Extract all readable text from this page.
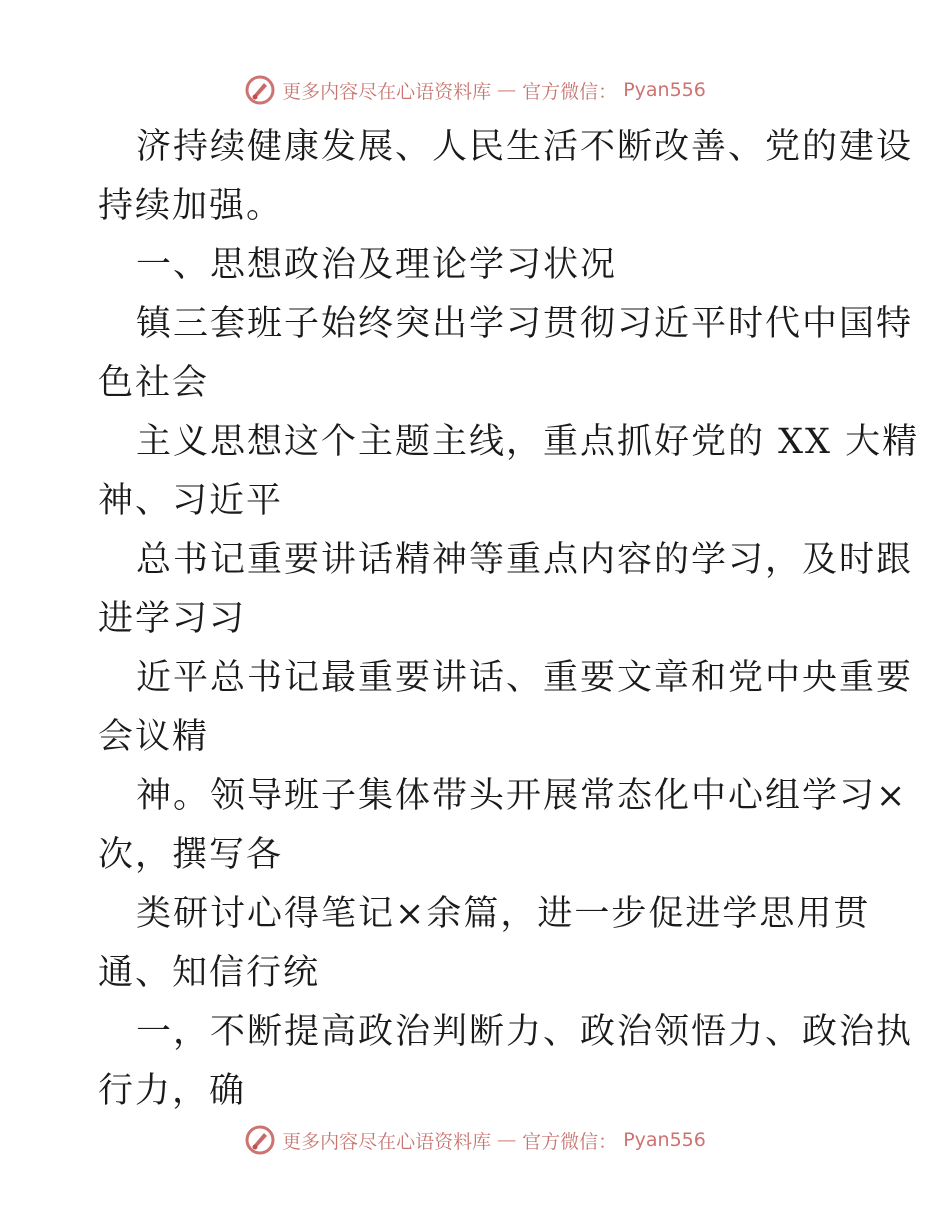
更多内容尽在心语资料库 — 官方微信： Pyan556
济持续健康发展、人民生活不断改善、党的建设
持续加强。
一、思想政治及理论学习状况
镇三套班子始终突出学习贯彻习近平时代中国特
色社会
主义思想这个主题主线，重点抓好党的 XX 大精
神、习近平
总书记重要讲话精神等重点内容的学习，及时跟
进学习习
近平总书记最重要讲话、重要文章和党中央重要
会议精
神。领导班子集体带头开展常态化中心组学习×
次，撰写各
类研讨心得笔记×余篇，进一步促进学思用贯
通、知信行统
一，不断提高政治判断力、政治领悟力、政治执
行力，确
更多内容尽在心语资料库 — 官方微信： Pyan556
